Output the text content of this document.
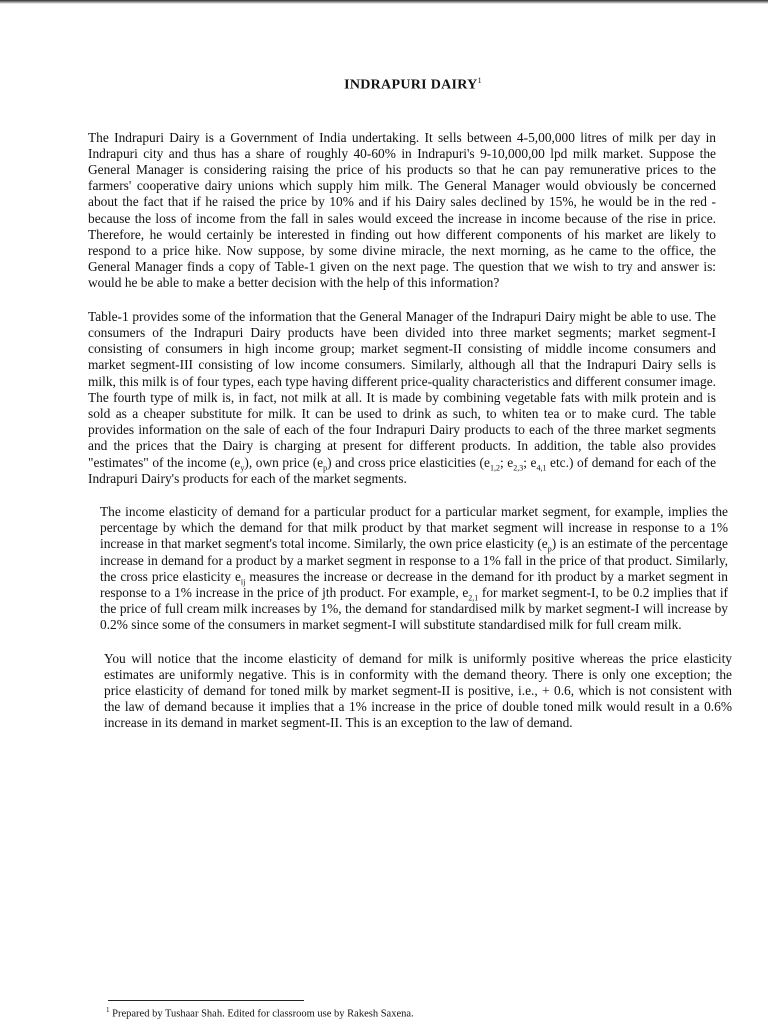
INDRAPURI DAIRY$^1$

The Indrapuri Dairy is a Government of India undertaking. It sells between 4-5,00,000 litres of milk per day in Indrapuri city and thus has a share of roughly 40-60% in Indrapuri's 9-10,000,00 lpd milk market. Suppose the General Manager is considering raising the price of his products so that he can pay remunerative prices to the farmers' cooperative dairy unions which supply him milk. The General Manager would obviously be concerned about the fact that if he raised the price by 10% and if his Dairy sales declined by 15%, he would be in the red - because the loss of income from the fall in sales would exceed the increase in income because of the rise in price. Therefore, he would certainly be interested in finding out how different components of his market are likely to respond to a price hike. Now suppose, by some divine miracle, the next morning, as he came to the office, the General Manager finds a copy of Table-1 given on the next page. The question that we wish to try and answer is: would he be able to make a better decision with the help of this information?

Table-1 provides some of the information that the General Manager of the Indrapuri Dairy might be able to use. The consumers of the Indrapuri Dairy products have been divided into three market segments; market segment-I consisting of consumers in high income group; market segment-II consisting of middle income consumers and market segment-III consisting of low income consumers. Similarly, although all that the Indrapuri Dairy sells is milk, this milk is of four types, each type having different price-quality characteristics and different consumer image. The fourth type of milk is, in fact, not milk at all. It is made by combining vegetable fats with milk protein and is sold as a cheaper substitute for milk. It can be used to drink as such, to whiten tea or to make curd. The table provides information on the sale of each of the four Indrapuri Dairy products to each of the three market segments and the prices that the Dairy is charging at present for different products. In addition, the table also provides "estimates" of the income $(e_y)$, own price $(e_p)$ and cross price elasticities ($e_{1,2}$; $e_{2,3}$; $e_{4,1}$ etc.) of demand for each of the Indrapuri Dairy's products for each of the market segments.

The income elasticity of demand for a particular product for a particular market segment, for example, implies the percentage by which the demand for that milk product by that market segment will increase in response to a 1% increase in that market segment's total income. Similarly, the own price elasticity $(e_p)$ is an estimate of the percentage increase in demand for a product by a market segment in response to a 1% fall in the price of that product. Similarly, the cross price elasticity $e_{ij}$ measures the increase or decrease in the demand for ith product by a market segment in response to a 1% increase in the price of jth product. For example, $e_{2,1}$ for market segment-I, to be 0.2 implies that if the price of full cream milk increases by 1%, the demand for standardised milk by market segment-I will increase by 0.2% since some of the consumers in market segment-I will substitute standardised milk for full cream milk.

You will notice that the income elasticity of demand for milk is uniformly positive whereas the price elasticity estimates are uniformly negative. This is in conformity with the demand theory. There is only one exception; the price elasticity of demand for toned milk by market segment-II is positive, i.e., + 0.6, which is not consistent with the law of demand because it implies that a 1% increase in the price of double toned milk would result in a 0.6% increase in its demand in market segment-II. This is an exception to the law of demand.

$^1$ Prepared by Tushaar Shah. Edited for classroom use by Rakesh Saxena.
